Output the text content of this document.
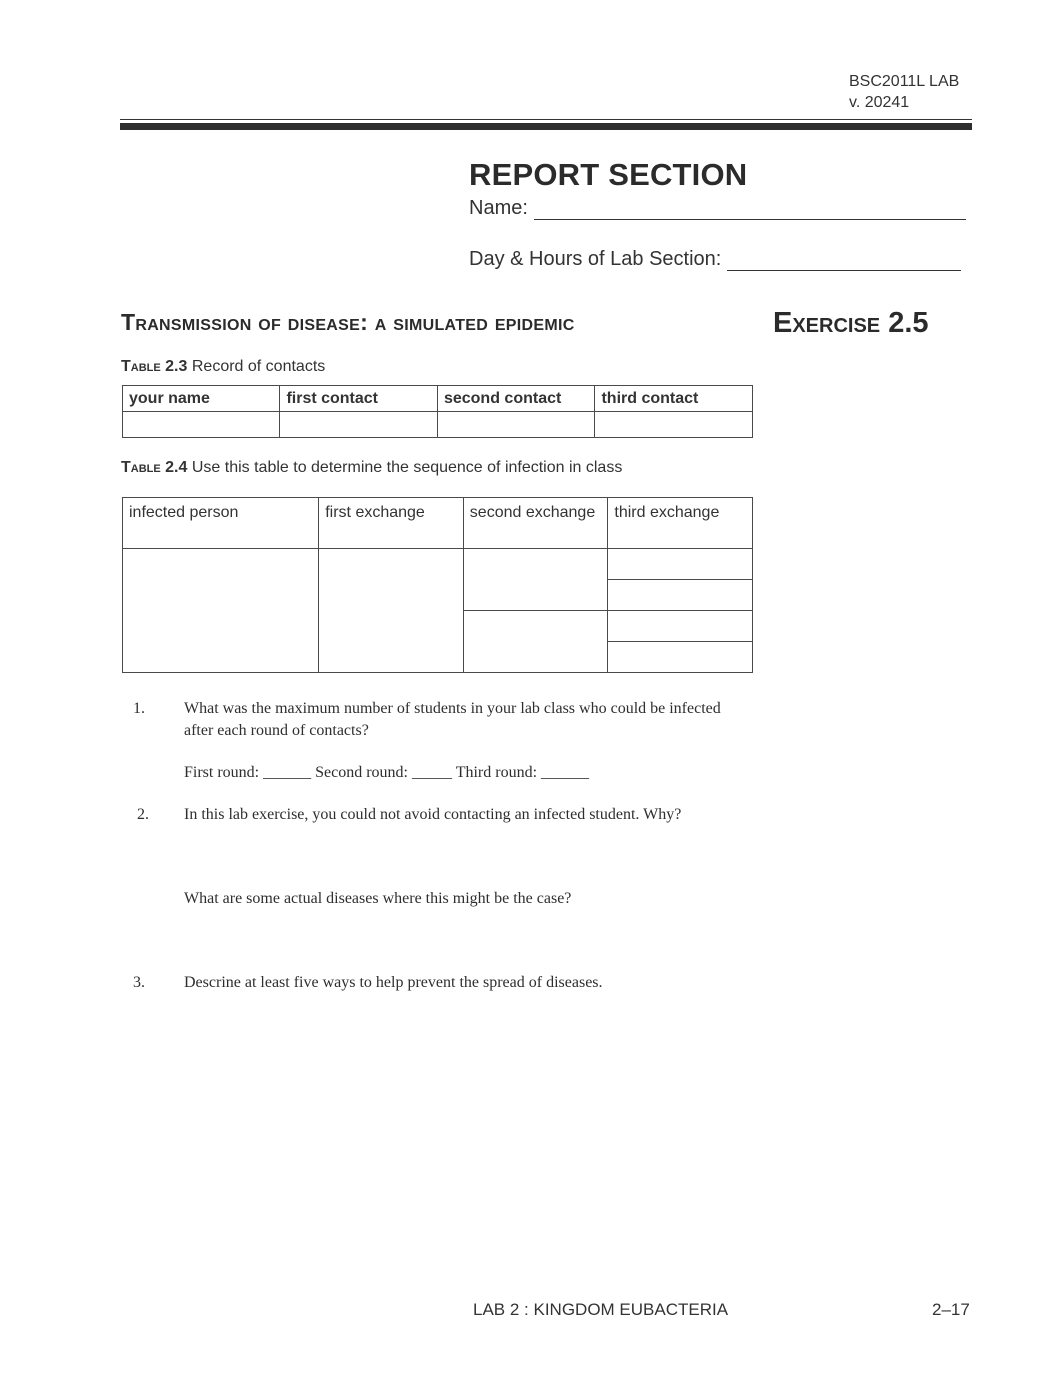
BSC2011L LAB
v. 20241
REPORT SECTION
Name:
Day & Hours of Lab Section:
Transmission of disease: a simulated epidemic	Exercise 2.5
Table 2.3 Record of contacts
your name	first contact	second contact	third contact

Table 2.4 Use this table to determine the sequence of infection in class
infected person	first exchange	second exchange	third exchange

1. What was the maximum number of students in your lab class who could be infected after each round of contacts?
First round: ______ Second round: _____ Third round: ______
2. In this lab exercise, you could not avoid contacting an infected student. Why?
What are some actual diseases where this might be the case?
3. Descrine at least five ways to help prevent the spread of diseases.
LAB 2 : KINGDOM EUBACTERIA	2–17
